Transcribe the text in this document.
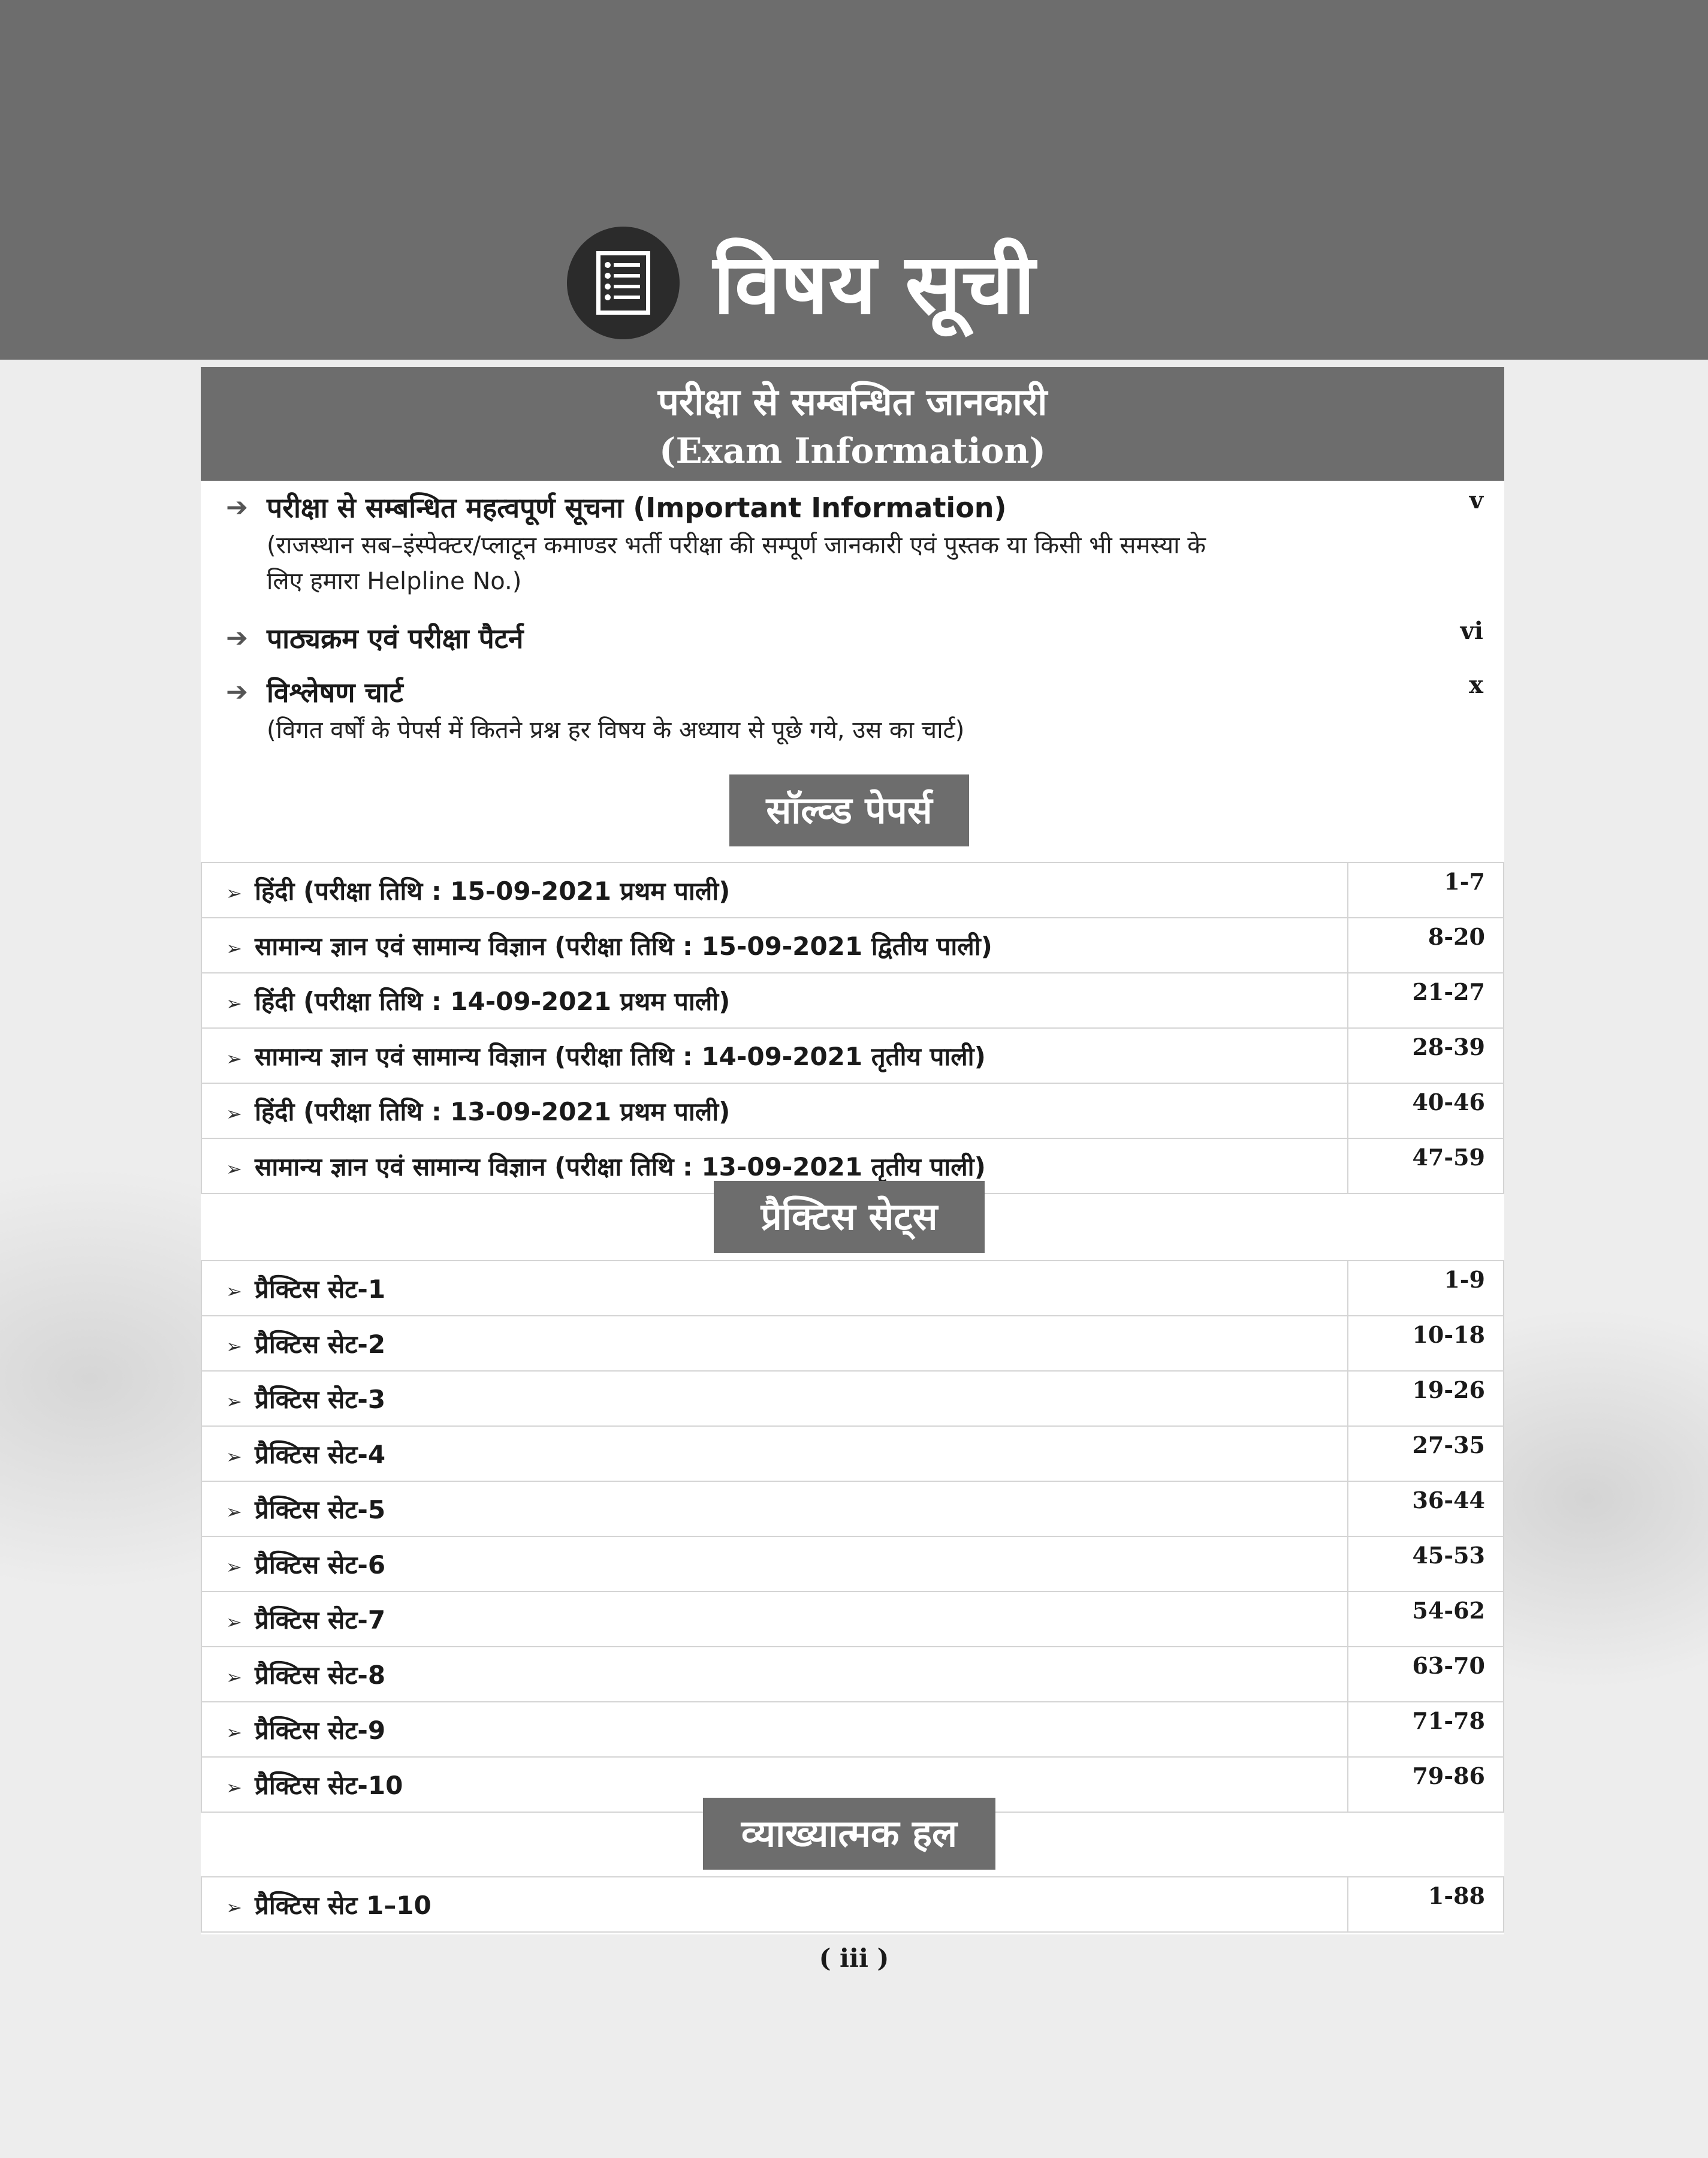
विषय सूची
परीक्षा से सम्बन्धित जानकारी
(Exam Information)
➔ परीक्षा से सम्बन्धित महत्वपूर्ण सूचना (Important Information)
(राजस्थान सब–इंस्पेक्टर/प्लाटून कमाण्डर भर्ती परीक्षा की सम्पूर्ण जानकारी एवं पुस्तक या किसी भी समस्या के
लिए हमारा Helpline No.)
v
➔ पाठ्यक्रम एवं परीक्षा पैटर्न	vi
➔ विश्लेषण चार्ट
(विगत वर्षों के पेपर्स में कितने प्रश्न हर विषय के अध्याय से पूछे गये, उस का चार्ट)
x
सॉल्व्ड पेपर्स
➢ हिंदी (परीक्षा तिथि : 15-09-2021 प्रथम पाली)	1-7
➢ सामान्य ज्ञान एवं सामान्य विज्ञान (परीक्षा तिथि : 15-09-2021 द्वितीय पाली)	8-20
➢ हिंदी (परीक्षा तिथि : 14-09-2021 प्रथम पाली)	21-27
➢ सामान्य ज्ञान एवं सामान्य विज्ञान (परीक्षा तिथि : 14-09-2021 तृतीय पाली)	28-39
➢ हिंदी (परीक्षा तिथि : 13-09-2021 प्रथम पाली)	40-46
➢ सामान्य ज्ञान एवं सामान्य विज्ञान (परीक्षा तिथि : 13-09-2021 तृतीय पाली)	47-59
प्रैक्टिस सेट्स
➢ प्रैक्टिस सेट-1	1-9
➢ प्रैक्टिस सेट-2	10-18
➢ प्रैक्टिस सेट-3	19-26
➢ प्रैक्टिस सेट-4	27-35
➢ प्रैक्टिस सेट-5	36-44
➢ प्रैक्टिस सेट-6	45-53
➢ प्रैक्टिस सेट-7	54-62
➢ प्रैक्टिस सेट-8	63-70
➢ प्रैक्टिस सेट-9	71-78
➢ प्रैक्टिस सेट-10	79-86
व्याख्यात्मक हल
➢ प्रैक्टिस सेट 1–10	1-88
( iii )
